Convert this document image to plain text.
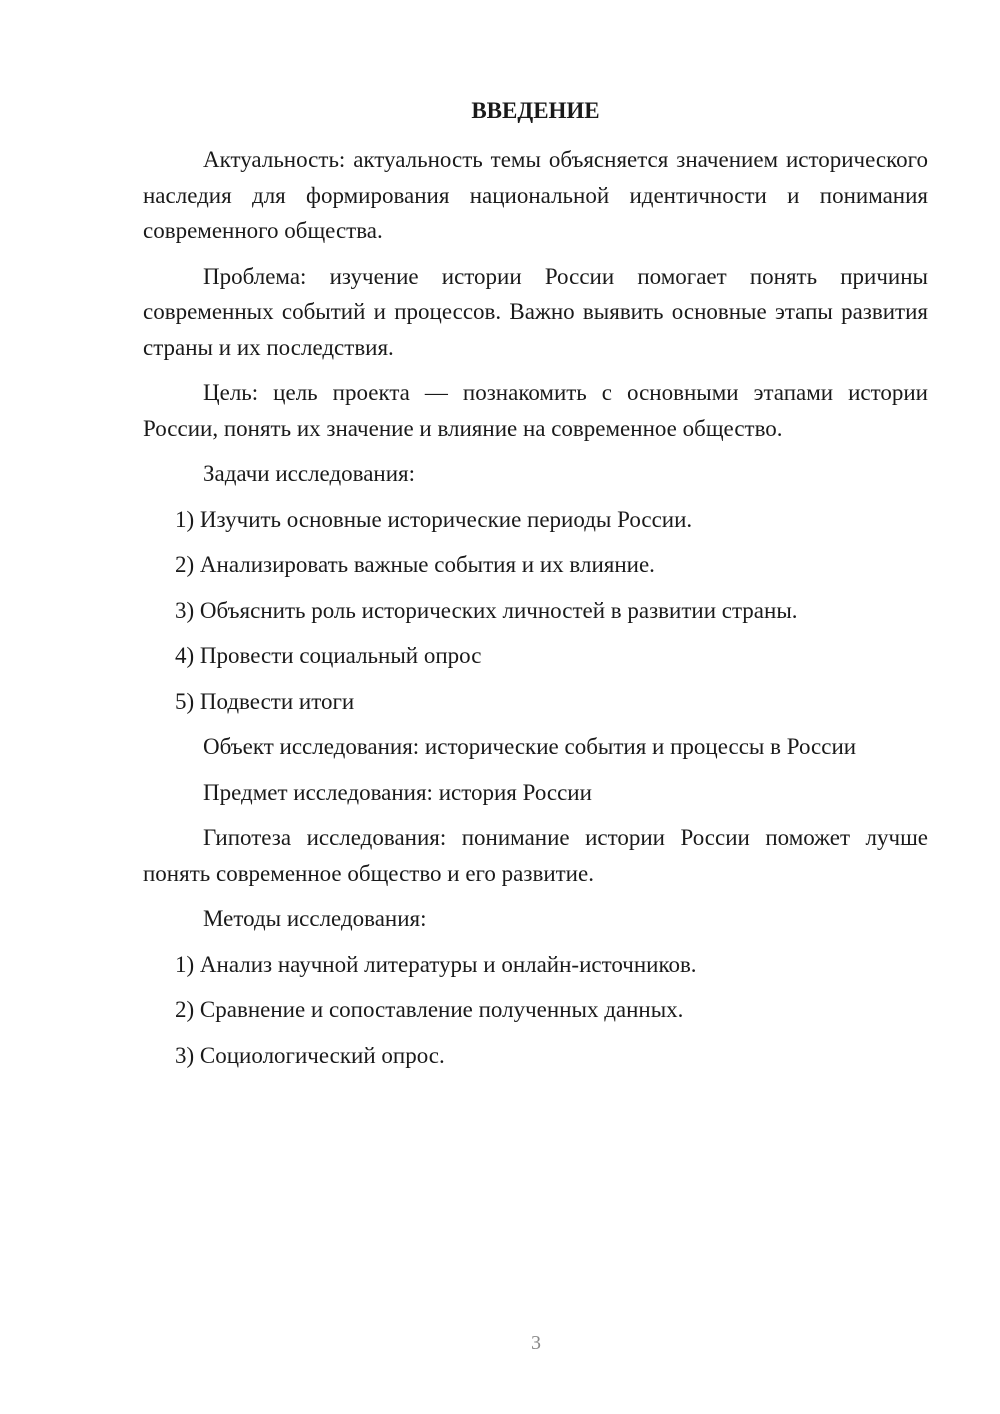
ВВЕДЕНИЕ

Актуальность: актуальность темы объясняется значением исторического наследия для формирования национальной идентичности и понимания современного общества.

Проблема: изучение истории России помогает понять причины современных событий и процессов. Важно выявить основные этапы развития страны и их последствия.

Цель: цель проекта — познакомить с основными этапами истории России, понять их значение и влияние на современное общество.

Задачи исследования:

1) Изучить основные исторические периоды России.

2) Анализировать важные события и их влияние.

3) Объяснить роль исторических личностей в развитии страны.

4) Провести социальный опрос

5) Подвести итоги

Объект исследования: исторические события и процессы в России

Предмет исследования: история России

Гипотеза исследования: понимание истории России поможет лучше понять современное общество и его развитие.

Методы исследования:

1) Анализ научной литературы и онлайн-источников.

2) Сравнение и сопоставление полученных данных.

3) Социологический опрос.

3
